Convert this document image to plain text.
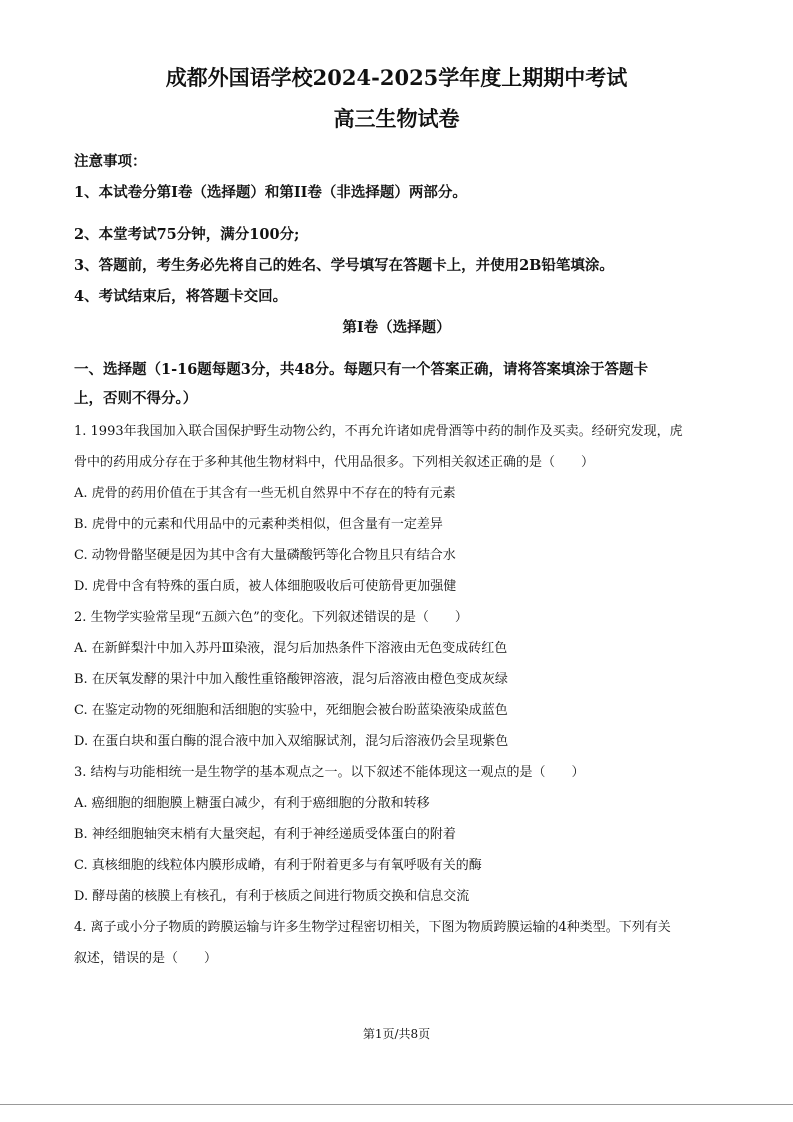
成都外国语学校2024-2025学年度上期期中考试
高三生物试卷
注意事项：
1、本试卷分第Ⅰ卷（选择题）和第II卷（非选择题）两部分。
2、本堂考试75分钟，满分100分;
3、答题前，考生务必先将自己的姓名、学号填写在答题卡上，并使用2B铅笔填涂。
4、考试结束后，将答题卡交回。
第Ⅰ卷（选择题）
一、选择题（1-16题每题3分，共48分。每题只有一个答案正确，请将答案填涂于答题卡
上，否则不得分。）
1. 1993年我国加入联合国保护野生动物公约，不再允许诸如虎骨酒等中药的制作及买卖。经研究发现，虎
骨中的药用成分存在于多种其他生物材料中，代用品很多。下列相关叙述正确的是（　　）
A. 虎骨的药用价值在于其含有一些无机自然界中不存在的特有元素
B. 虎骨中的元素和代用品中的元素种类相似，但含量有一定差异
C. 动物骨骼坚硬是因为其中含有大量磷酸钙等化合物且只有结合水
D. 虎骨中含有特殊的蛋白质，被人体细胞吸收后可使筋骨更加强健
2. 生物学实验常呈现“五颜六色”的变化。下列叙述错误的是（　　）
A. 在新鲜梨汁中加入苏丹Ⅲ染液，混匀后加热条件下溶液由无色变成砖红色
B. 在厌氧发酵的果汁中加入酸性重铬酸钾溶液，混匀后溶液由橙色变成灰绿
C. 在鉴定动物的死细胞和活细胞的实验中，死细胞会被台盼蓝染液染成蓝色
D. 在蛋白块和蛋白酶的混合液中加入双缩脲试剂，混匀后溶液仍会呈现紫色
3. 结构与功能相统一是生物学的基本观点之一。以下叙述不能体现这一观点的是（　　）
A. 癌细胞的细胞膜上糖蛋白减少，有利于癌细胞的分散和转移
B. 神经细胞轴突末梢有大量突起，有利于神经递质受体蛋白的附着
C. 真核细胞的线粒体内膜形成嵴，有利于附着更多与有氧呼吸有关的酶
D. 酵母菌的核膜上有核孔，有利于核质之间进行物质交换和信息交流
4. 离子或小分子物质的跨膜运输与许多生物学过程密切相关，下图为物质跨膜运输的4种类型。下列有关
叙述，错误的是（　　）
第1页/共8页
